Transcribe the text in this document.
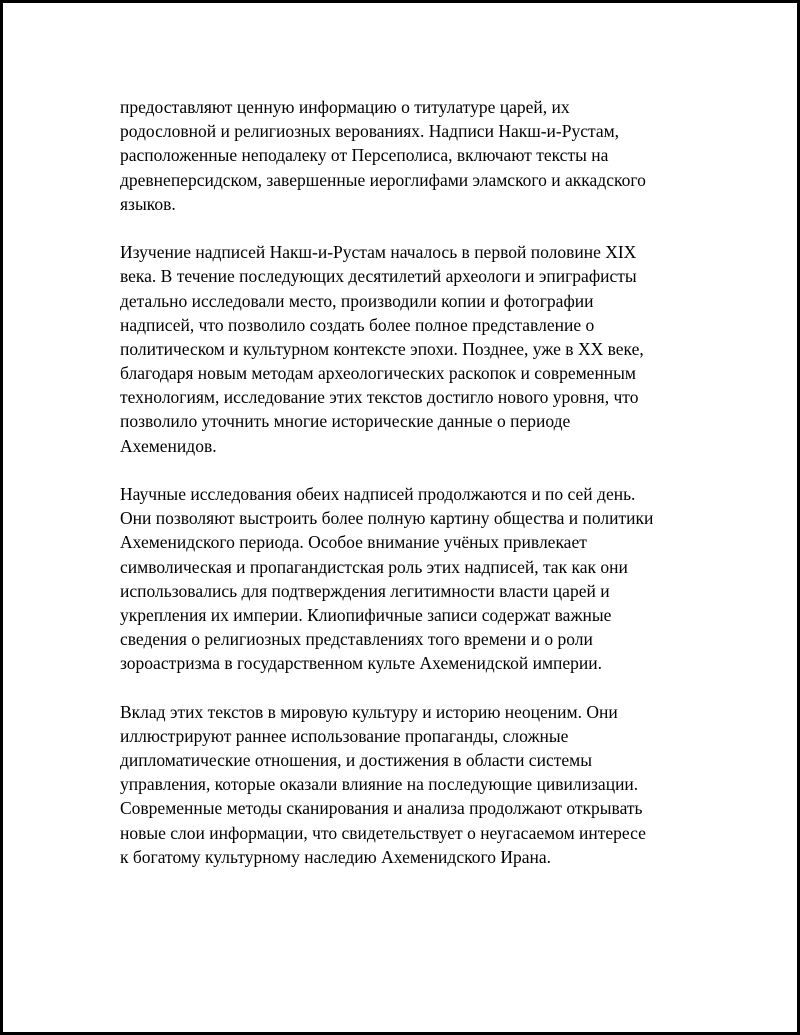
предоставляют ценную информацию о титулатуре царей, их
родословной и религиозных верованиях. Надписи Накш-и-Рустам,
расположенные неподалеку от Персеполиса, включают тексты на
древнеперсидском, завершенные иероглифами эламского и аккадского
языков.

Изучение надписей Накш-и-Рустам началось в первой половине XIX
века. В течение последующих десятилетий археологи и эпиграфисты
детально исследовали место, производили копии и фотографии
надписей, что позволило создать более полное представление о
политическом и культурном контексте эпохи. Позднее, уже в XX веке,
благодаря новым методам археологических раскопок и современным
технологиям, исследование этих текстов достигло нового уровня, что
позволило уточнить многие исторические данные о периоде
Ахеменидов.

Научные исследования обеих надписей продолжаются и по сей день.
Они позволяют выстроить более полную картину общества и политики
Ахеменидского периода. Особое внимание учёных привлекает
символическая и пропагандистская роль этих надписей, так как они
использовались для подтверждения легитимности власти царей и
укрепления их империи. Клиопифичные записи содержат важные
сведения о религиозных представлениях того времени и о роли
зороастризма в государственном культе Ахеменидской империи.

Вклад этих текстов в мировую культуру и историю неоценим. Они
иллюстрируют раннее использование пропаганды, сложные
дипломатические отношения, и достижения в области системы
управления, которые оказали влияние на последующие цивилизации.
Современные методы сканирования и анализа продолжают открывать
новые слои информации, что свидетельствует о неугасаемом интересе
к богатому культурному наследию Ахеменидского Ирана.
